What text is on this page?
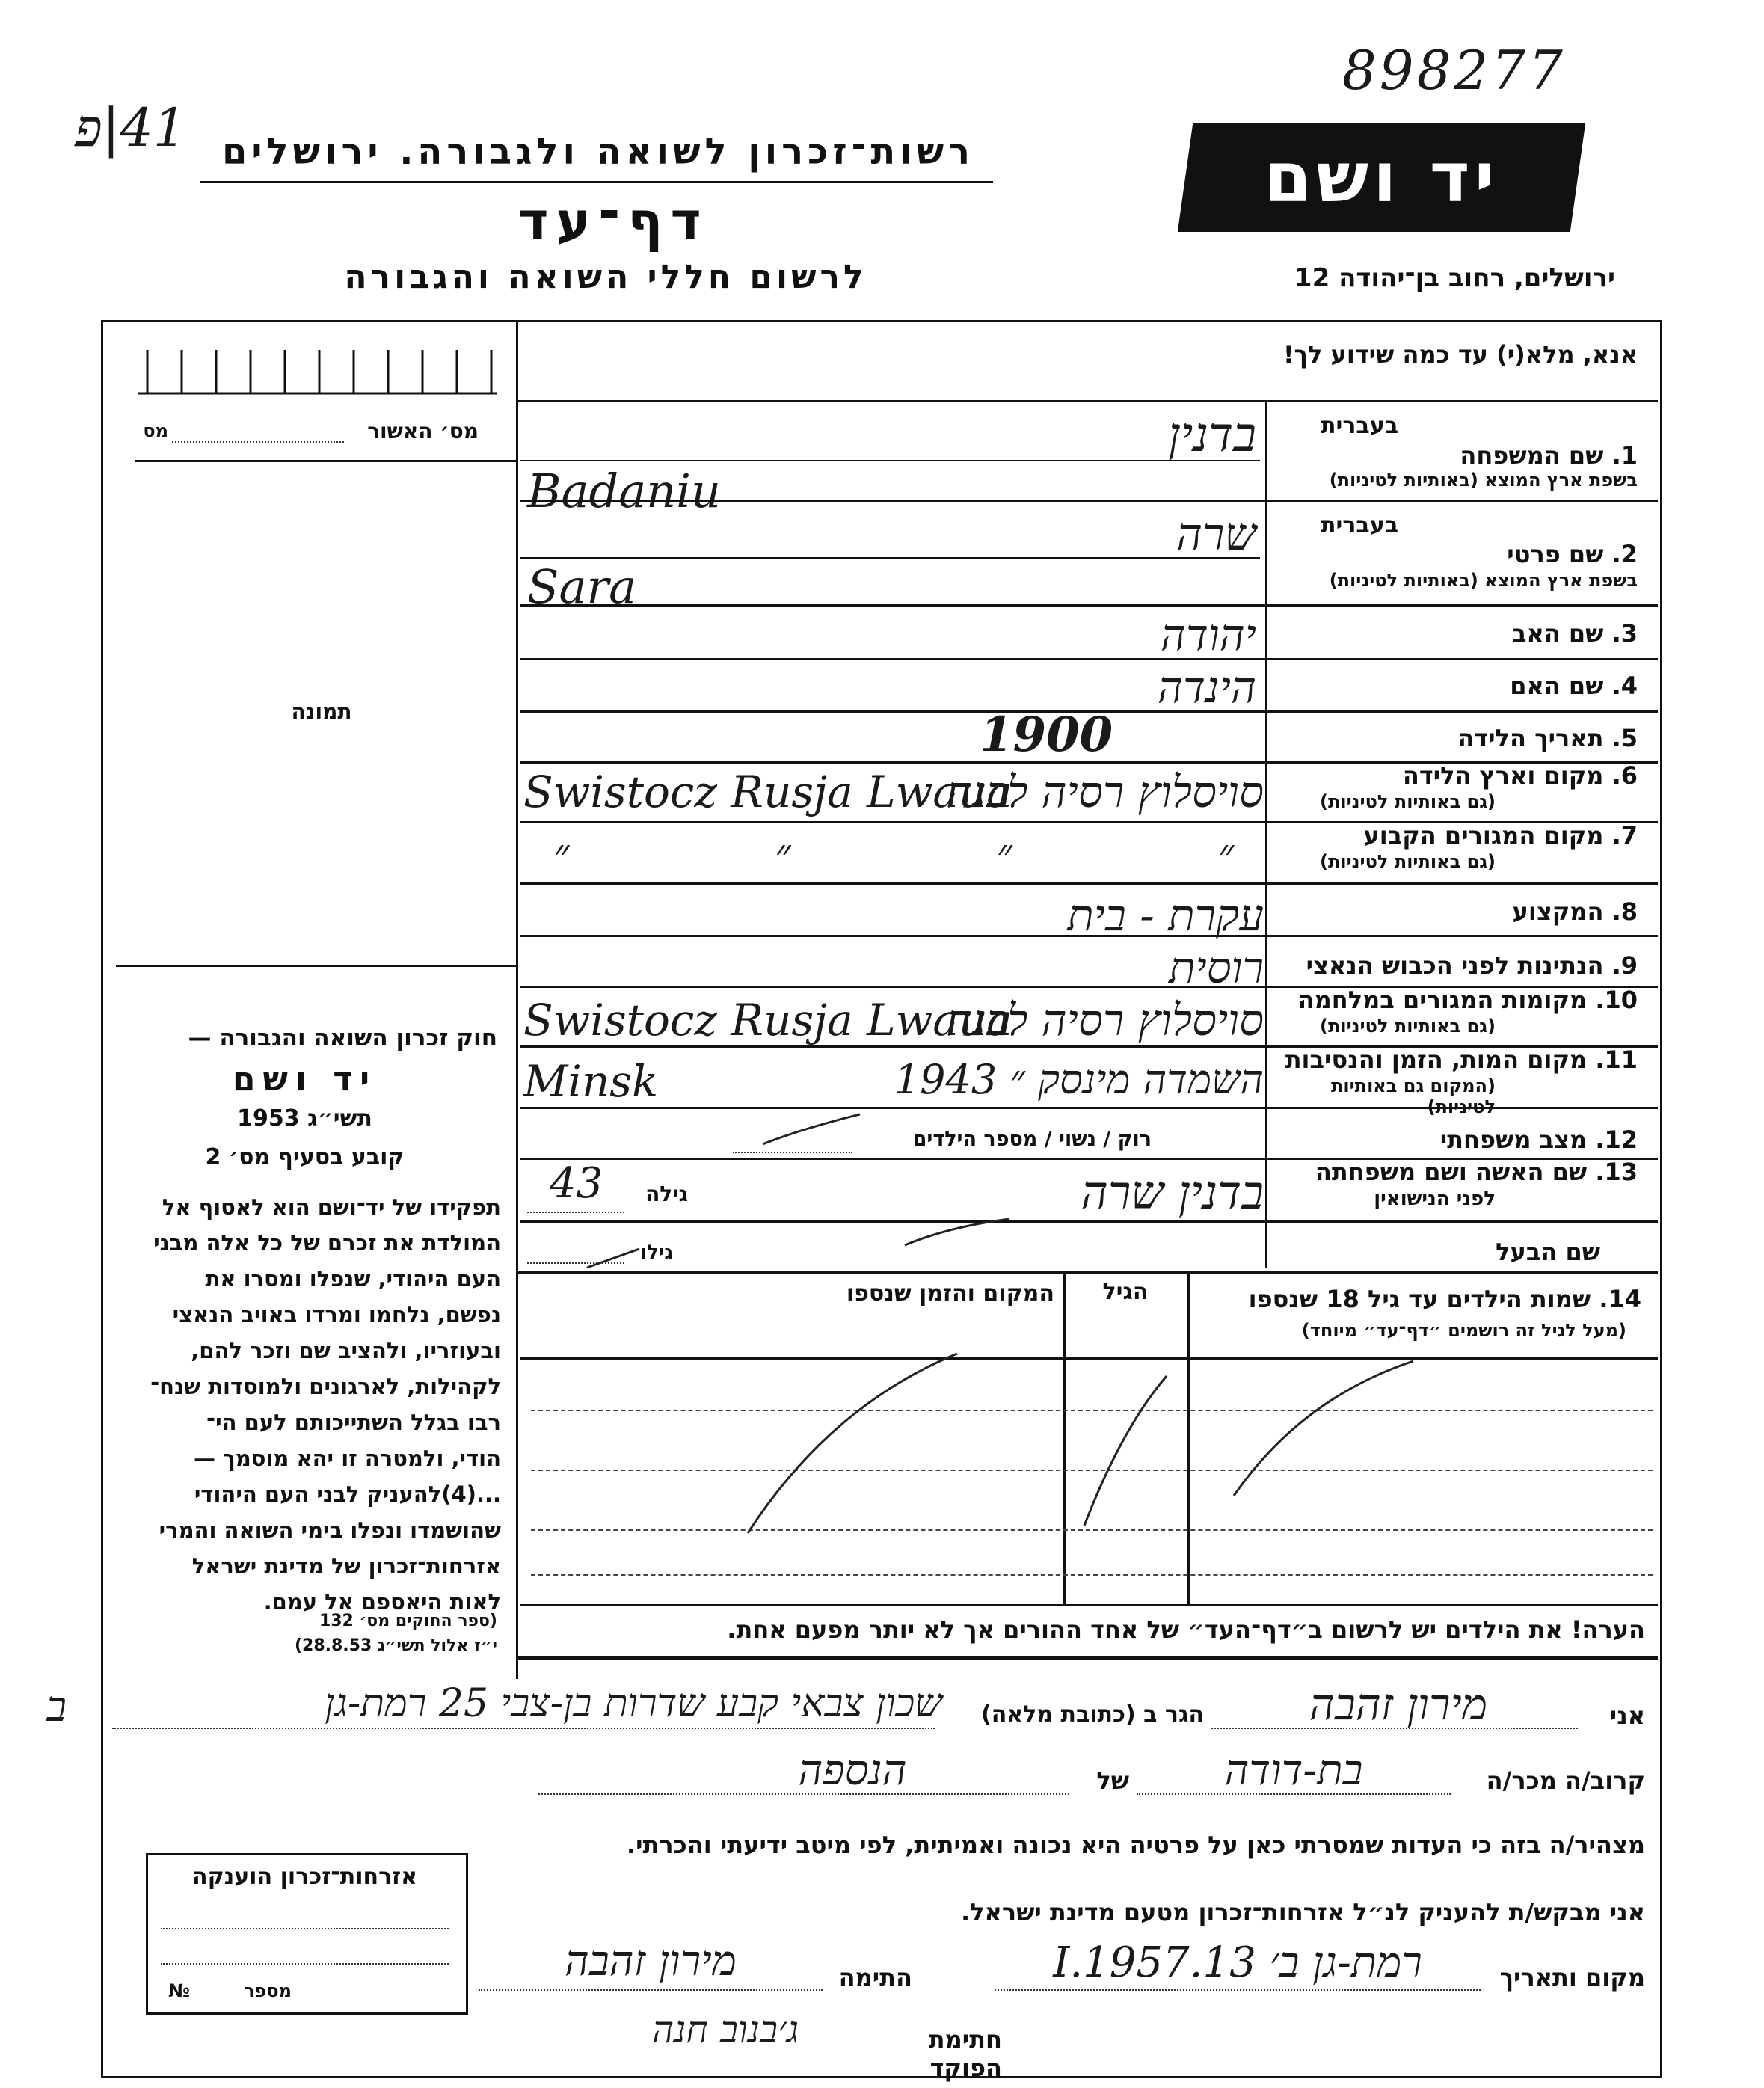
898277
41|פ רשות־זכרון לשואה ולגבורה. ירושלים
דף־עד
לרשום חללי השואה והגבורה
יד ושם
ירושלים, רחוב בן־יהודה 12
אנא, מלא(י) עד כמה שידוע לך!
מס׳ האשור
מס
תמונה
חוק זכרון השואה והגבורה —
יד ושם
תשי״ג 1953
קובע בסעיף מס׳ 2
תפקידו של יד־ושם הוא לאסוף אל
המולדת את זכרם של כל אלה מבני
העם היהודי, שנפלו ומסרו את
נפשם, נלחמו ומרדו באויב הנאצי
ובעוזריו, ולהציב שם וזכר להם,
לקהילות, לארגונים ולמוסדות שנח־
רבו בגלל השתייכותם לעם הי־
הודי, ולמטרה זו יהא מוסמך —
...(4)להעניק לבני העם היהודי
שהושמדו ונפלו בימי השואה והמרי
אזרחות־זכרון של מדינת ישראל
לאות היאספם אל עמם.
(ספר החוקים מס׳ 132
י״ז אלול תשי״ג 28.8.53)
בעברית
1. שם המשפחה
בשפת ארץ המוצא (באותיות לטיניות)
בדנין
Badaniu
בעברית
2. שם פרטי
בשפת ארץ המוצא (באותיות לטיניות)
שרה
Sara
3. שם האב
יהודה
4. שם האם
הינדה
5. תאריך הלידה
1900
6. מקום וארץ הלידה
(גם באותיות לטיניות)
Swistocz Rusja Lwaua
סויסלוץ רסיה לבנה
7. מקום המגורים הקבוע
(גם באותיות לטיניות)
״ ״ ״ ״
8. המקצוע
עקרת - בית
9. הנתינות לפני הכבוש הנאצי
רוסית
10. מקומות המגורים במלחמה
(גם באותיות לטיניות)
Swistocz Rusja Lwaua
סויסלוץ רסיה לבנה
11. מקום המות, הזמן והנסיבות
(המקום גם באותיות לטיניות)
Minsk	השמדה מינסק ״ 1943
12. מצב משפחתי
רוק / נשוי / מספר הילדים
13. שם האשה ושם משפחתה
לפני הנישואין
בדנין שרה
גילה
43
שם הבעל
גילו
14. שמות הילדים עד גיל 18 שנספו
(מעל לגיל זה רושמים ״דף־עד״ מיוחד)
הגיל
המקום והזמן שנספו
הערה! את הילדים יש לרשום ב״דף־העד״ של אחד ההורים אך לא יותר מפעם אחת.
אני
מירון זהבה
הגר ב (כתובת מלאה)
שכון צבאי קבע שדרות בן-צבי 25 רמת-גן
ב
קרוב/ה מכר/ה
בת-דודה
של
הנספה
מצהיר/ה בזה כי העדות שמסרתי כאן על פרטיה היא נכונה ואמיתית, לפי מיטב ידיעתי והכרתי.
אני מבקש/ת להעניק לנ״ל אזרחות־זכרון מטעם מדינת ישראל.
מקום ותאריך
רמת-גן ב׳ 13.I.1957
התימה
מירון זהבה
חתימת הפוקד
ג׳בנוב חנה
אזרחות־זכרון הוענקה
מספר
№
